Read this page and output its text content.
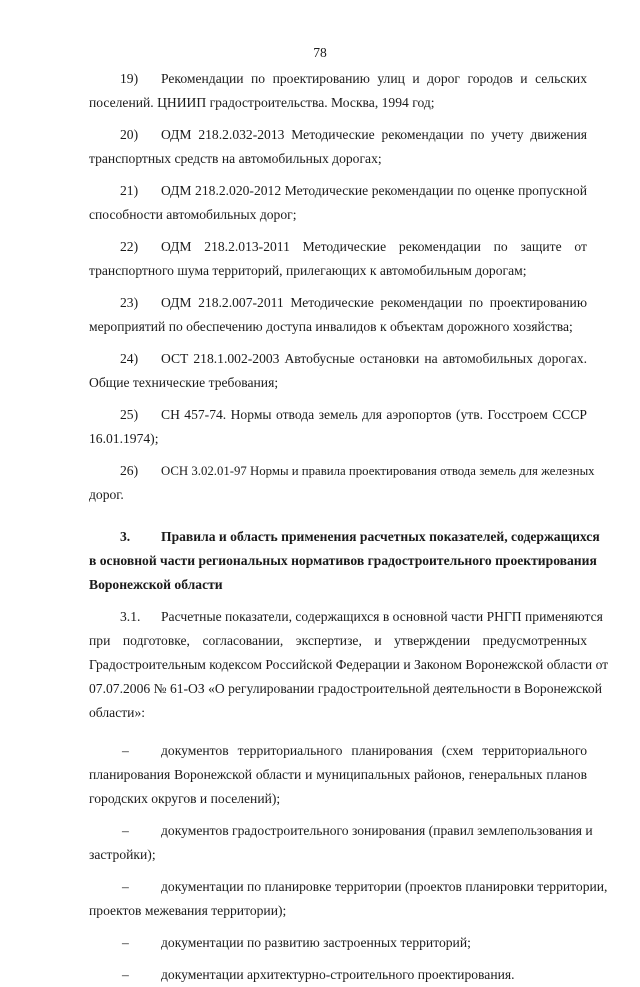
78
19)	Рекомендации по проектированию улиц и дорог городов и сельских
поселений. ЦНИИП градостроительства. Москва, 1994 год;
20)	ОДМ 218.2.032-2013 Методические рекомендации по учету движения
транспортных средств на автомобильных дорогах;
21)	ОДМ 218.2.020-2012 Методические рекомендации по оценке пропускной
способности автомобильных дорог;
22)	ОДМ 218.2.013-2011 Методические рекомендации по защите от
транспортного шума территорий, прилегающих к автомобильным дорогам;
23)	ОДМ 218.2.007-2011 Методические рекомендации по проектированию
мероприятий по обеспечению доступа инвалидов к объектам дорожного хозяйства;
24)	ОСТ 218.1.002-2003 Автобусные остановки на автомобильных дорогах.
Общие технические требования;
25)	СН 457-74. Нормы отвода земель для аэропортов (утв. Госстроем СССР
16.01.1974);
26)	ОСН 3.02.01-97 Нормы и правила проектирования отвода земель для железных
дорог.
3.	Правила и область применения расчетных показателей, содержащихся
в основной части региональных нормативов градостроительного проектирования
Воронежской области
3.1.	Расчетные показатели, содержащихся в основной части РНГП применяются
при подготовке, согласовании, экспертизе, и утверждении предусмотренных
Градостроительным кодексом Российской Федерации и Законом Воронежской области от
07.07.2006 № 61-ОЗ «О регулировании градостроительной деятельности в Воронежской
области»:
–	документов территориального планирования (схем территориального
планирования Воронежской области и муниципальных районов, генеральных планов
городских округов и поселений);
–	документов градостроительного зонирования (правил землепользования и
застройки);
–	документации по планировке территории (проектов планировки территории,
проектов межевания территории);
–	документации по развитию застроенных территорий;
–	документации архитектурно-строительного проектирования.
